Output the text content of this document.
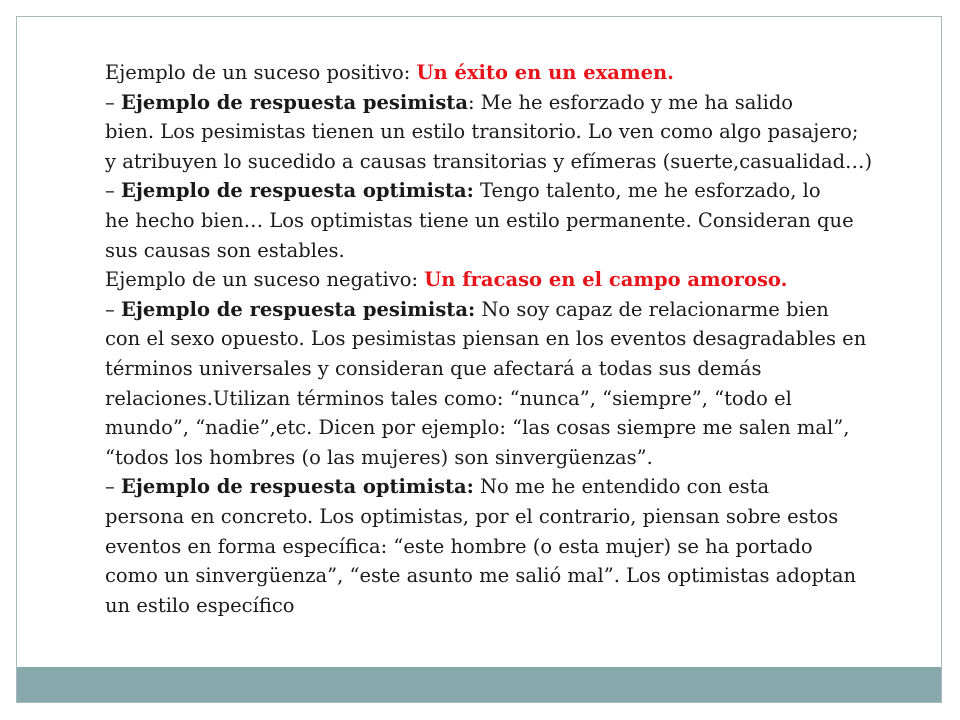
Ejemplo de un suceso positivo: Un éxito en un examen.
– Ejemplo de respuesta pesimista: Me he esforzado y me ha salido
bien. Los pesimistas tienen un estilo transitorio. Lo ven como algo pasajero;
y atribuyen lo sucedido a causas transitorias y efímeras (suerte,casualidad…)
– Ejemplo de respuesta optimista: Tengo talento, me he esforzado, lo
he hecho bien… Los optimistas tiene un estilo permanente. Consideran que
sus causas son estables.
Ejemplo de un suceso negativo: Un fracaso en el campo amoroso.
– Ejemplo de respuesta pesimista: No soy capaz de relacionarme bien
con el sexo opuesto. Los pesimistas piensan en los eventos desagradables en
términos universales y consideran que afectará a todas sus demás
relaciones.Utilizan términos tales como: “nunca”, “siempre”, “todo el
mundo”, “nadie”,etc. Dicen por ejemplo: “las cosas siempre me salen mal”,
“todos los hombres (o las mujeres) son sinvergüenzas”.
– Ejemplo de respuesta optimista: No me he entendido con esta
persona en concreto. Los optimistas, por el contrario, piensan sobre estos
eventos en forma específica: “este hombre (o esta mujer) se ha portado
como un sinvergüenza”, “este asunto me salió mal”. Los optimistas adoptan
un estilo específico
